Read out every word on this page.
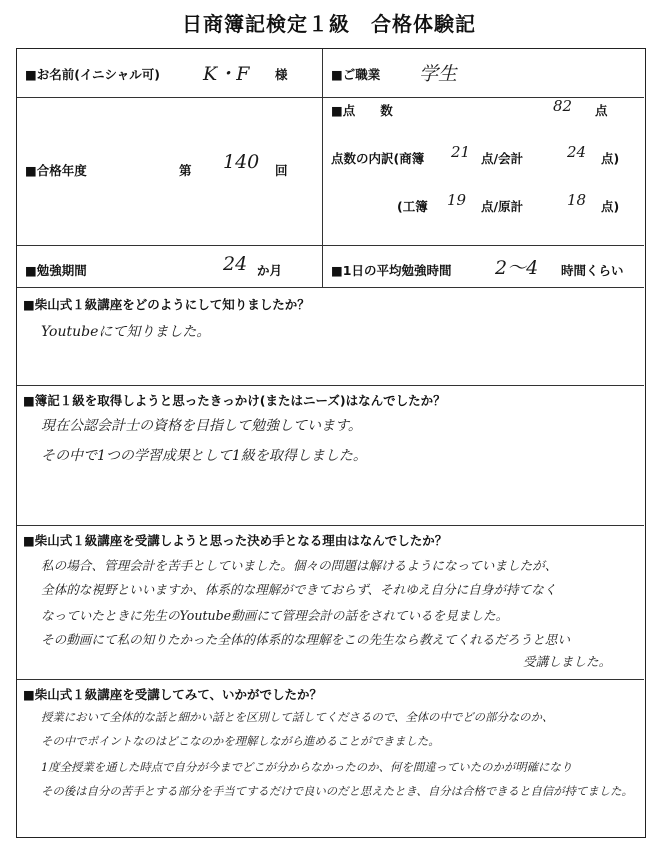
日商簿記検定１級　合格体験記
■お名前(イニシャル可) K・F 様	■ご職業 学生
■合格年度	第 140 回
■点　　数	82 点
点数の内訳(商簿 21 点/会計	24 点)
(工簿 19 点/原計	18 点)
■勉強期間	24 か月	■1日の平均勉強時間 2〜4 時間くらい
■柴山式１級講座をどのようにして知りましたか？
Youtubeにて知りました。
■簿記１級を取得しようと思ったきっかけ(またはニーズ)はなんでしたか？
現在公認会計士の資格を目指して勉強しています。
その中で1つの学習成果として1級を取得しました。
■柴山式１級講座を受講しようと思った決め手となる理由はなんでしたか？
私の場合、管理会計を苦手としていました。個々の問題は解けるようになっていましたが、
全体的な視野といいますか、体系的な理解ができておらず、それゆえ自分に自身が持てなく
なっていたときに先生のYoutube動画にて管理会計の話をされているを見ました。
その動画にて私の知りたかった全体的体系的な理解をこの先生なら教えてくれるだろうと思い
受講しました。
■柴山式１級講座を受講してみて、いかがでしたか？
授業において全体的な話と細かい話とを区別して話してくださるので、全体の中でどの部分なのか、
その中でポイントなのはどこなのかを理解しながら進めることができました。
1度全授業を通した時点で自分が今までどこが分からなかったのか、何を間違っていたのかが明確になり
その後は自分の苦手とする部分を手当てするだけで良いのだと思えたとき、自分は合格できると自信が持てました。
